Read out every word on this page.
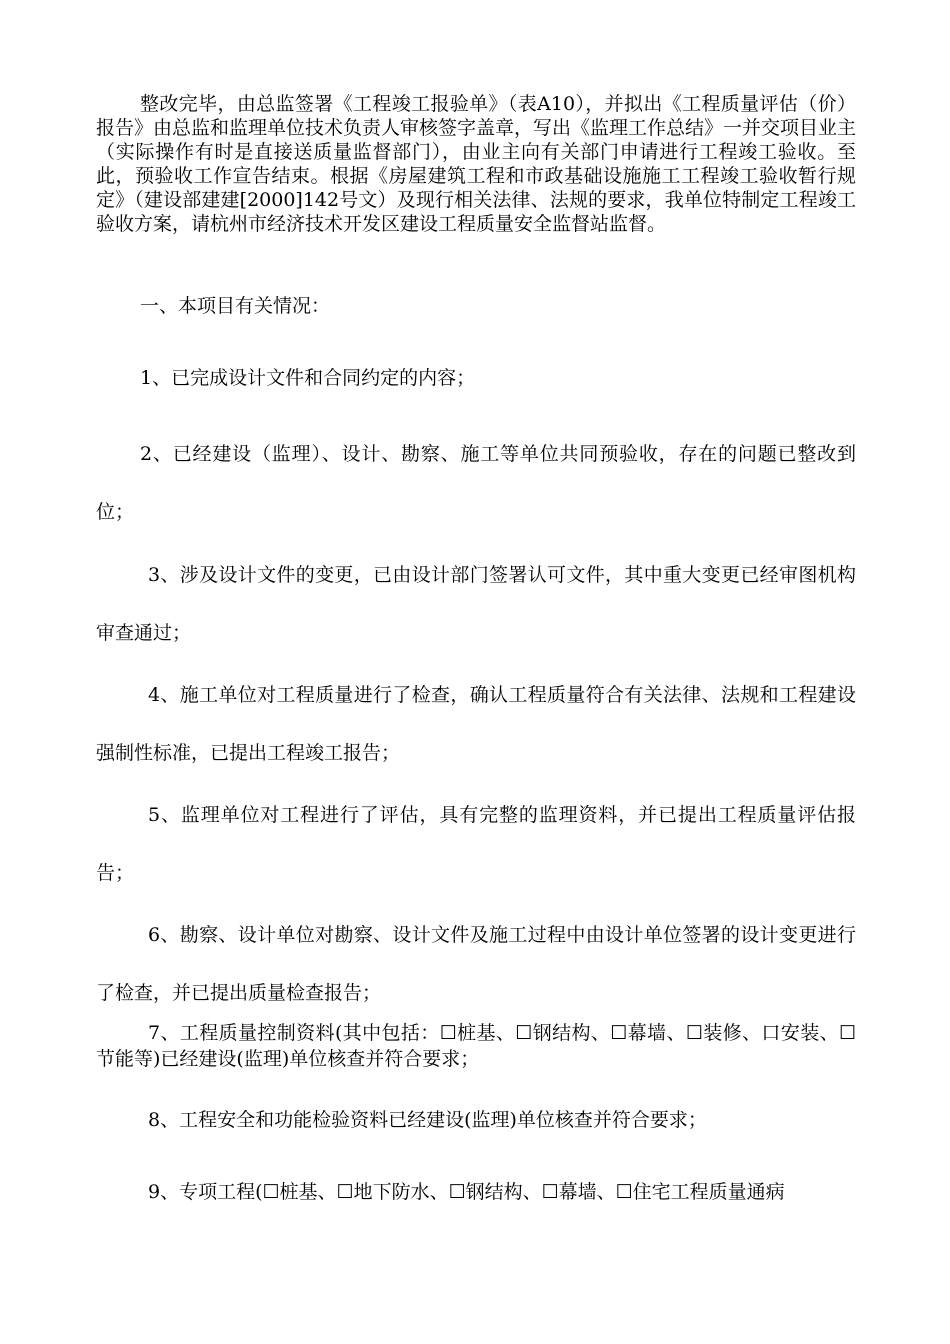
整改完毕，由总监签署《工程竣工报验单》（表A10），并拟出《工程质量评估（价）报告》由总监和监理单位技术负责人审核签字盖章，写出《监理工作总结》一并交项目业主（实际操作有时是直接送质量监督部门），由业主向有关部门申请进行工程竣工验收。至此，预验收工作宣告结束。根据《房屋建筑工程和市政基础设施施工工程竣工验收暂行规定》（建设部建建[2000]142号文）及现行相关法律、法规的要求，我单位特制定工程竣工验收方案，请杭州市经济技术开发区建设工程质量安全监督站监督。

一、本项目有关情况：

1、已完成设计文件和合同约定的内容；

2、已经建设（监理）、设计、勘察、施工等单位共同预验收，存在的问题已整改到位；

3、涉及设计文件的变更，已由设计部门签署认可文件，其中重大变更已经审图机构审查通过；

4、施工单位对工程质量进行了检查，确认工程质量符合有关法律、法规和工程建设强制性标准，已提出工程竣工报告；

5、监理单位对工程进行了评估，具有完整的监理资料，并已提出工程质量评估报告；

6、勘察、设计单位对勘察、设计文件及施工过程中由设计单位签署的设计变更进行了检查，并已提出质量检查报告；

7、工程质量控制资料(其中包括：☐桩基、☐钢结构、☐幕墙、☐装修、口安装、☐节能等)已经建设(监理)单位核查并符合要求；

8、工程安全和功能检验资料已经建设(监理)单位核查并符合要求；

9、专项工程(☐桩基、☐地下防水、☐钢结构、☐幕墙、☐住宅工程质量通病
